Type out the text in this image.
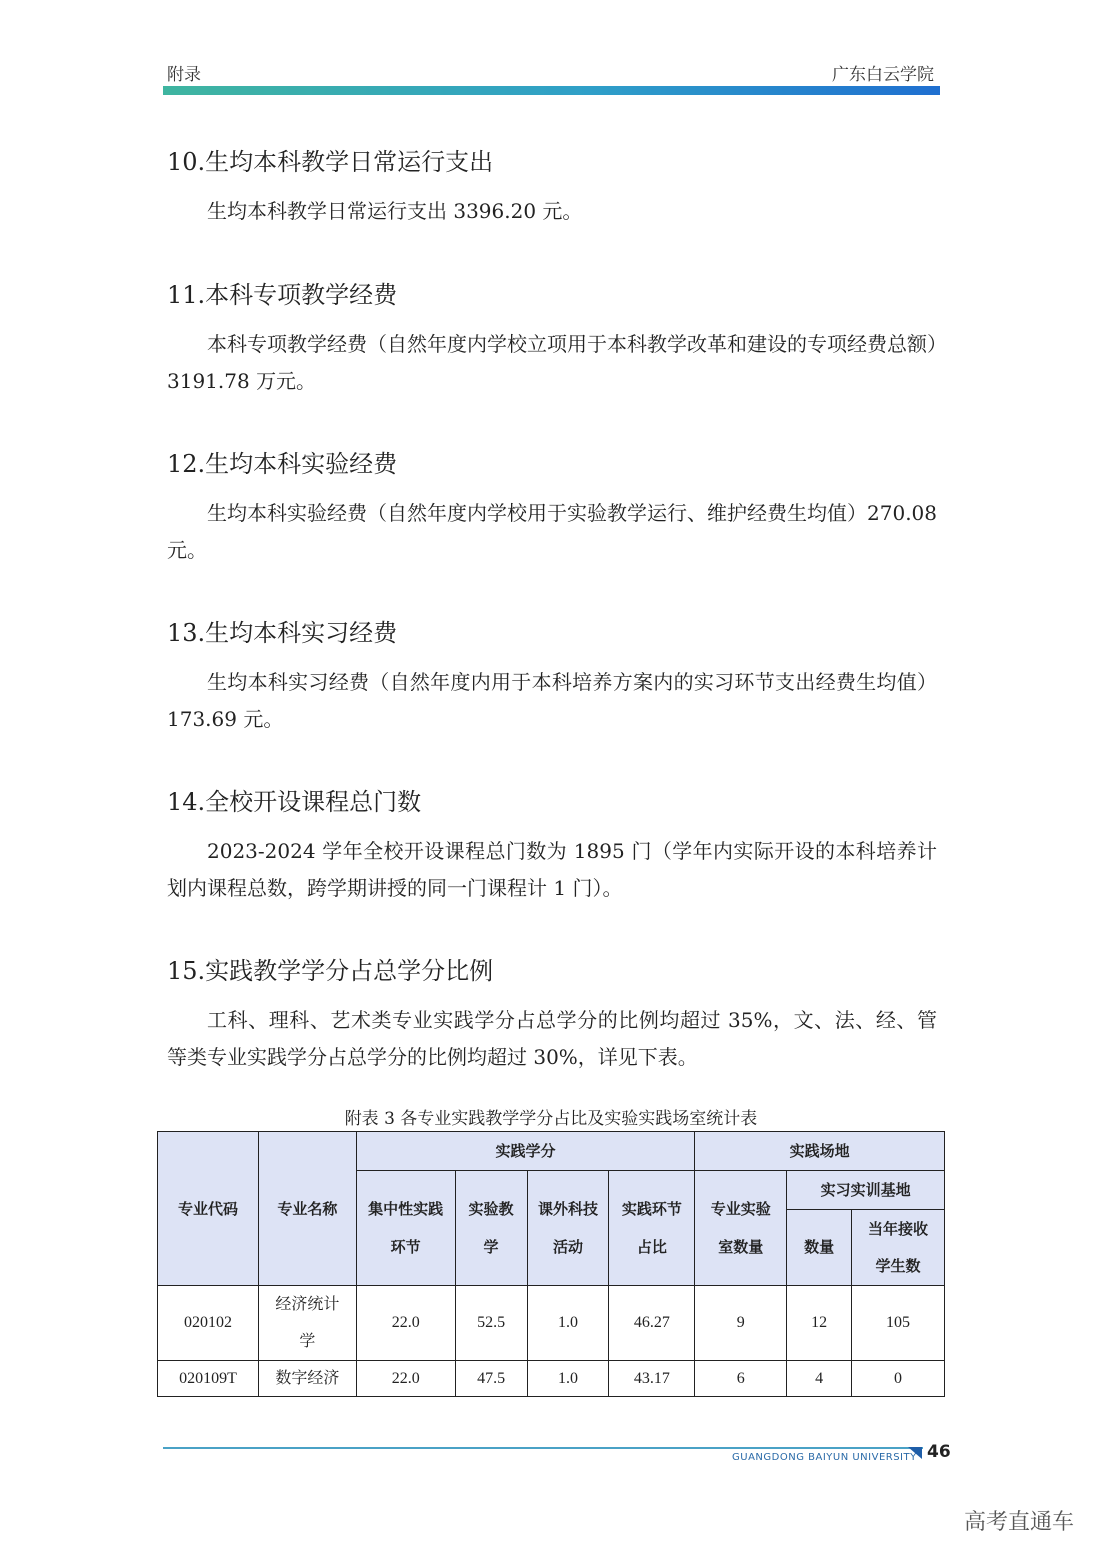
附录	广东白云学院
10.生均本科教学日常运行支出

生均本科教学日常运行支出 3396.20 元。

11.本科专项教学经费

本科专项教学经费（自然年度内学校立项用于本科教学改革和建设的专项经费总额）3191.78 万元。

12.生均本科实验经费

生均本科实验经费（自然年度内学校用于实验教学运行、维护经费生均值）270.08 元。

13.生均本科实习经费

生均本科实习经费（自然年度内用于本科培养方案内的实习环节支出经费生均值）173.69 元。

14.全校开设课程总门数

2023-2024 学年全校开设课程总门数为 1895 门（学年内实际开设的本科培养计划内课程总数，跨学期讲授的同一门课程计 1 门）。

15.实践教学学分占总学分比例

工科、理科、艺术类专业实践学分占总学分的比例均超过 35%，文、法、经、管等类专业实践学分占总学分的比例均超过 30%，详见下表。

附表 3 各专业实践教学学分占比及实验实践场室统计表
专业代码	专业名称	实践学分				实践场地		
		集中性实践环节	实验教学	课外科技活动	实践环节占比	专业实验室数量	实习实训基地	
							数量	当年接收学生数
020102	经济统计学	22.0	52.5	1.0	46.27	9	12	105
020109T	数字经济	22.0	47.5	1.0	43.17	6	4	0
GUANGDONG BAIYUN UNIVERSITY 46
高考直通车
